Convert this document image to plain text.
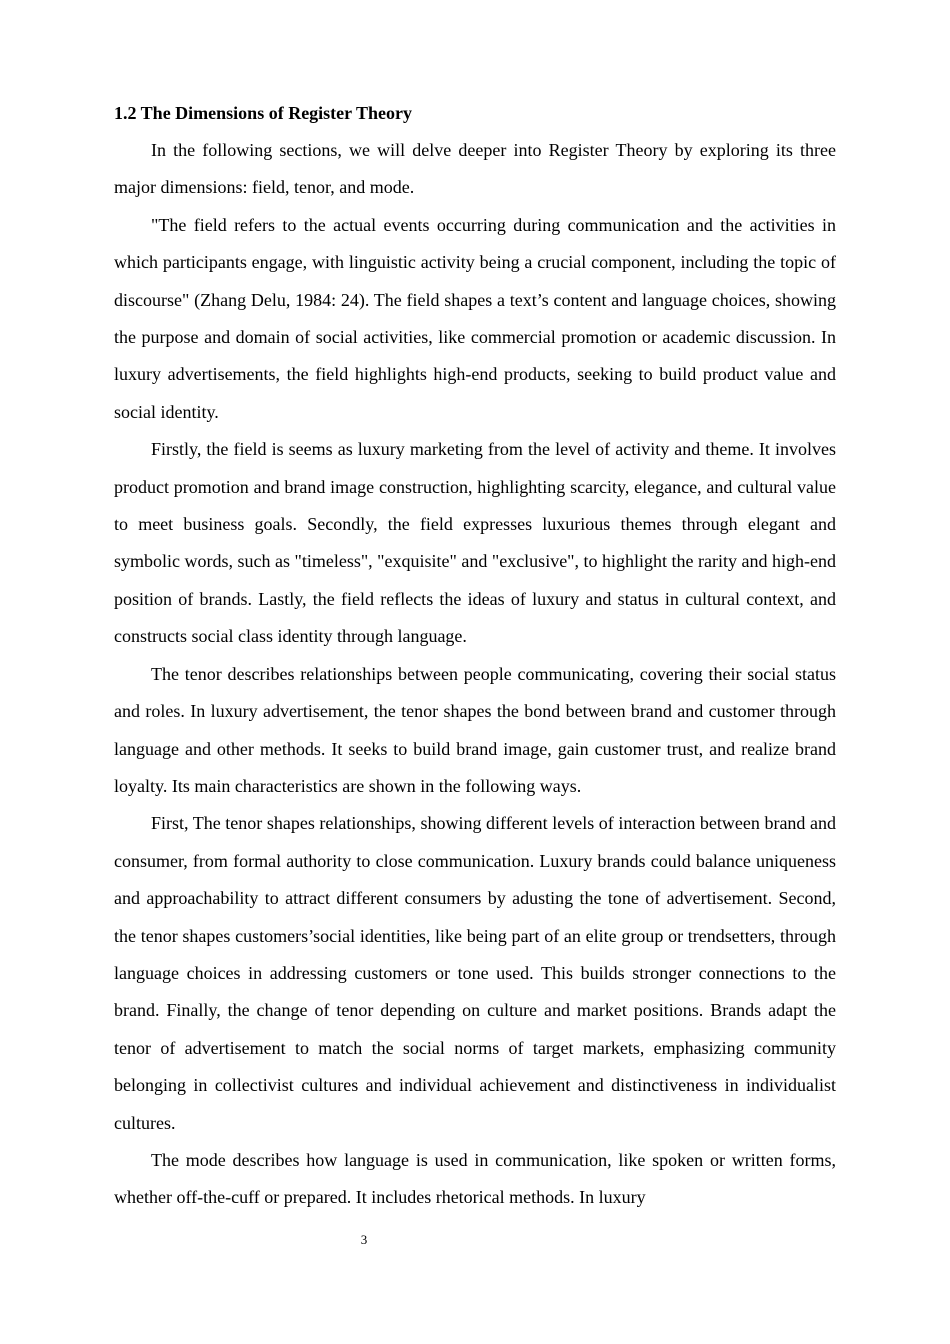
1.2 The Dimensions of Register Theory

In the following sections, we will delve deeper into Register Theory by exploring its three major dimensions: field, tenor, and mode.

"The field refers to the actual events occurring during communication and the activities in which participants engage, with linguistic activity being a crucial component, including the topic of discourse" (Zhang Delu, 1984: 24). The field shapes a text’s content and language choices, showing the purpose and domain of social activities, like commercial promotion or academic discussion. In luxury advertisements, the field highlights high-end products, seeking to build product value and social identity.

Firstly, the field is seems as luxury marketing from the level of activity and theme. It involves product promotion and brand image construction, highlighting scarcity, elegance, and cultural value to meet business goals. Secondly, the field expresses luxurious themes through elegant and symbolic words, such as "timeless", "exquisite" and "exclusive", to highlight the rarity and high-end position of brands. Lastly, the field reflects the ideas of luxury and status in cultural context, and constructs social class identity through language.

The tenor describes relationships between people communicating, covering their social status and roles. In luxury advertisement, the tenor shapes the bond between brand and customer through language and other methods. It seeks to build brand image, gain customer trust, and realize brand loyalty. Its main characteristics are shown in the following ways.

First, The tenor shapes relationships, showing different levels of interaction between brand and consumer, from formal authority to close communication. Luxury brands could balance uniqueness and approachability to attract different consumers by adusting the tone of advertisement. Second, the tenor shapes customers’social identities, like being part of an elite group or trendsetters, through language choices in addressing customers or tone used. This builds stronger connections to the brand. Finally, the change of tenor depending on culture and market positions. Brands adapt the tenor of advertisement to match the social norms of target markets, emphasizing community belonging in collectivist cultures and individual achievement and distinctiveness in individualist cultures.

The mode describes how language is used in communication, like spoken or written forms, whether off-the-cuff or prepared. It includes rhetorical methods. In luxury

3
